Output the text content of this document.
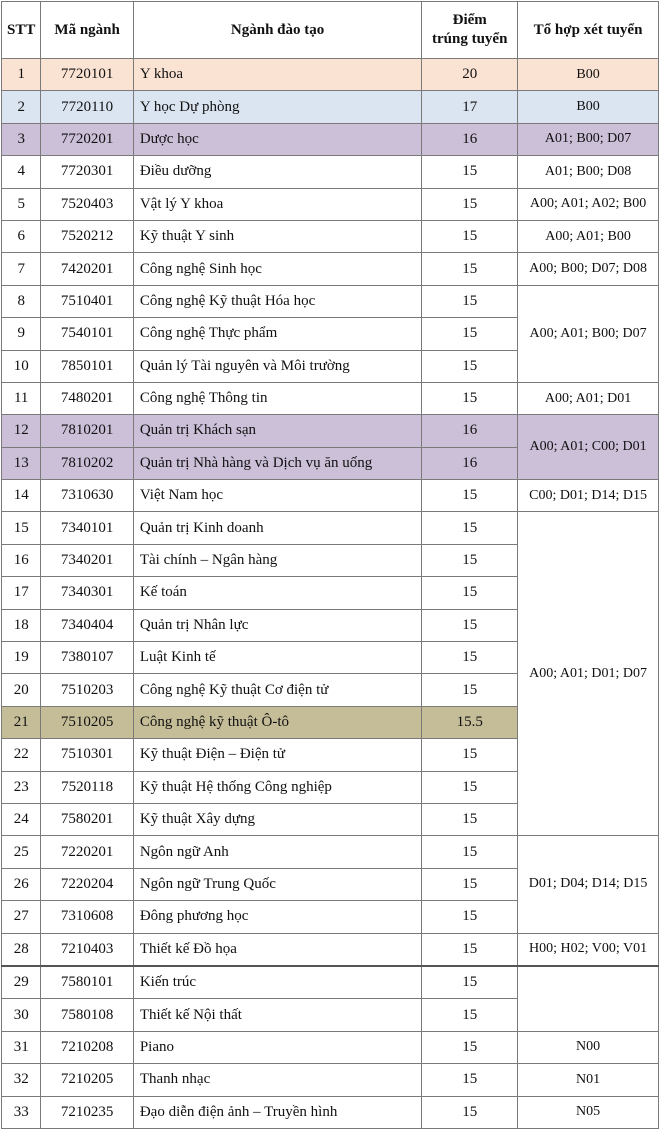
STT	Mã ngành	Ngành đào tạo	Điểm
trúng tuyển	Tổ hợp xét tuyển
1	7720101	Y khoa	20	B00
2	7720110	Y học Dự phòng	17	B00
3	7720201	Dược học	16	A01; B00; D07
4	7720301	Điều dưỡng	15	A01; B00; D08
5	7520403	Vật lý Y khoa	15	A00; A01; A02; B00
6	7520212	Kỹ thuật Y sinh	15	A00; A01; B00
7	7420201	Công nghệ Sinh học	15	A00; B00; D07; D08
8	7510401	Công nghệ Kỹ thuật Hóa học	15	A00; A01; B00; D07
9	7540101	Công nghệ Thực phẩm	15	
10	7850101	Quản lý Tài nguyên và Môi trường	15	
11	7480201	Công nghệ Thông tin	15	A00; A01; D01
12	7810201	Quản trị Khách sạn	16	A00; A01; C00; D01
13	7810202	Quản trị Nhà hàng và Dịch vụ ăn uống	16	
14	7310630	Việt Nam học	15	C00; D01; D14; D15
15	7340101	Quản trị Kinh doanh	15	A00; A01; D01; D07
16	7340201	Tài chính – Ngân hàng	15	
17	7340301	Kế toán	15	
18	7340404	Quản trị Nhân lực	15	
19	7380107	Luật Kinh tế	15	
20	7510203	Công nghệ Kỹ thuật Cơ điện tử	15	
21	7510205	Công nghệ kỹ thuật Ô-tô	15.5	
22	7510301	Kỹ thuật Điện – Điện tử	15	
23	7520118	Kỹ thuật Hệ thống Công nghiệp	15	
24	7580201	Kỹ thuật Xây dựng	15	
25	7220201	Ngôn ngữ Anh	15	D01; D04; D14; D15
26	7220204	Ngôn ngữ Trung Quốc	15	
27	7310608	Đông phương học	15	
28	7210403	Thiết kế Đồ họa	15	H00; H02; V00; V01
29	7580101	Kiến trúc	15	
30	7580108	Thiết kế Nội thất	15	
31	7210208	Piano	15	N00
32	7210205	Thanh nhạc	15	N01
33	7210235	Đạo diễn điện ảnh – Truyền hình	15	N05
